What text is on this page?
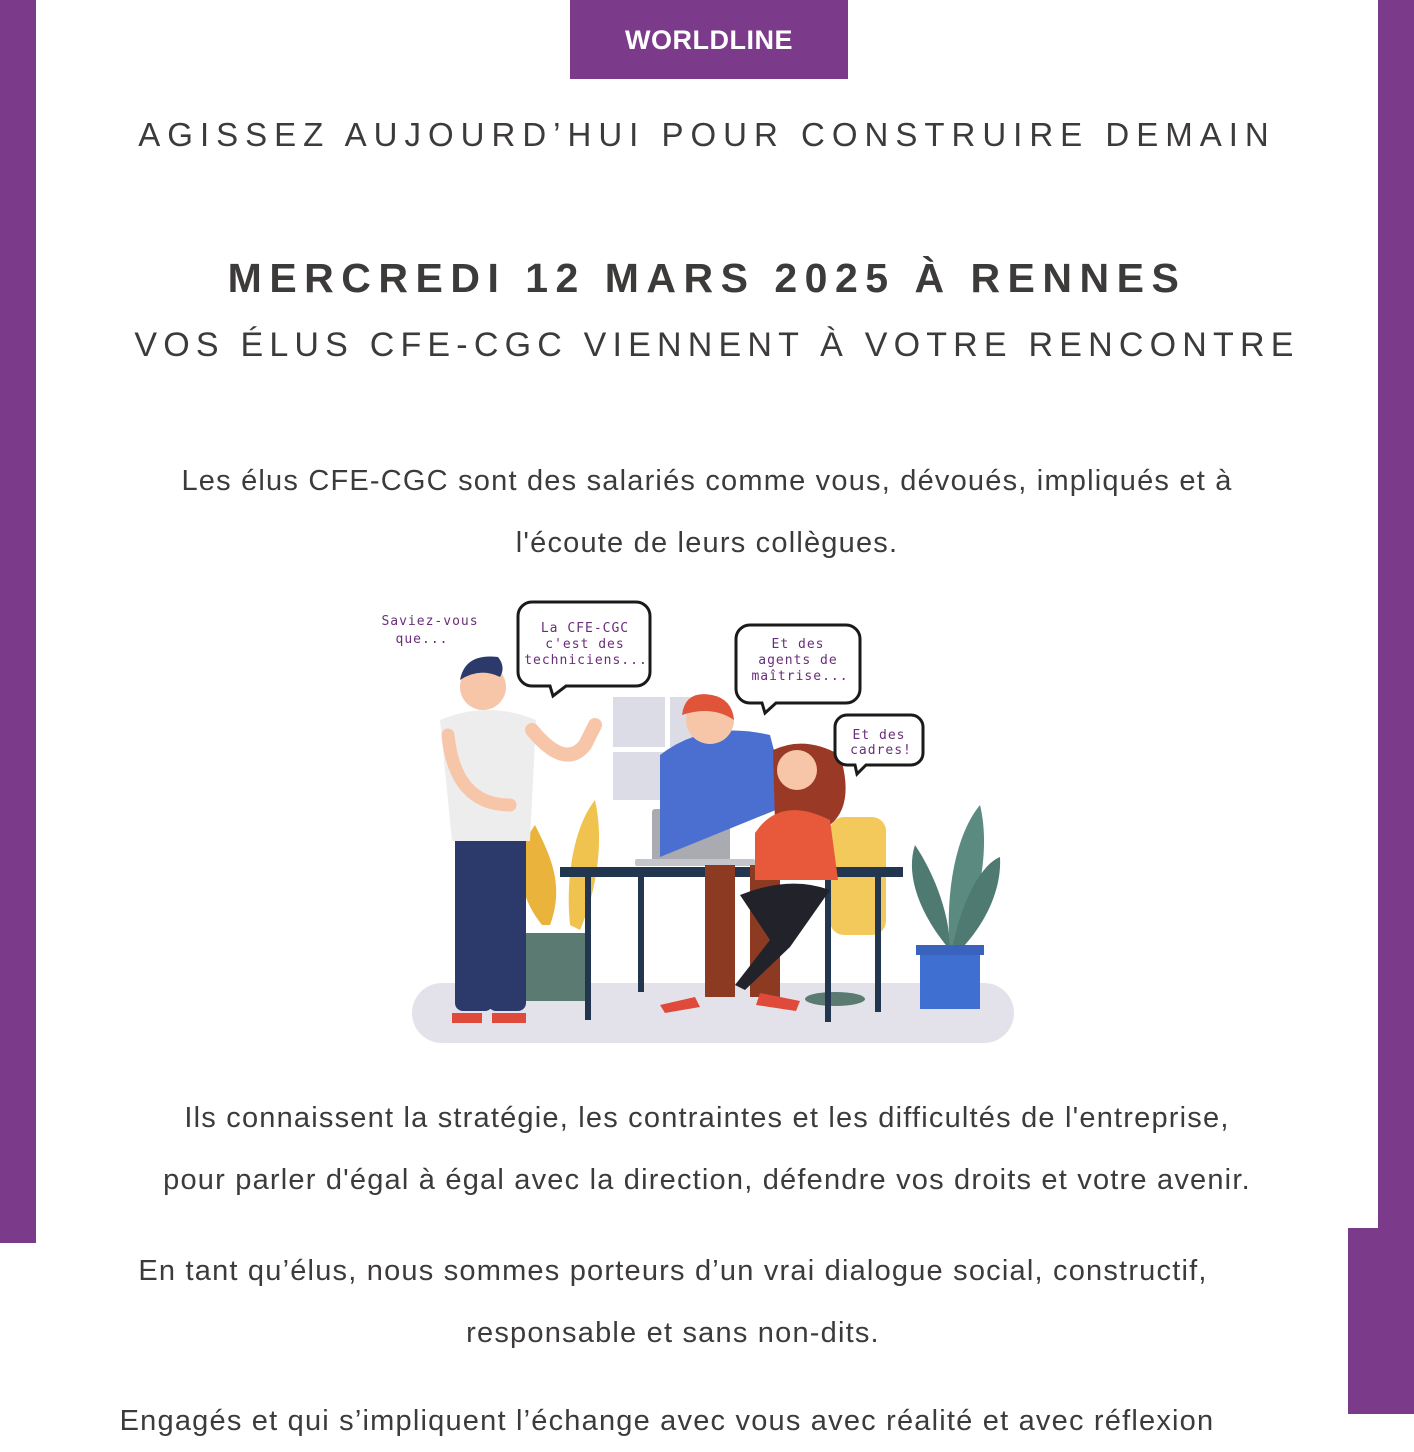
WORLDLINE
AGISSEZ AUJOURD’HUI POUR CONSTRUIRE DEMAIN
MERCREDI 12 MARS 2025 À RENNES
VOS ÉLUS CFE-CGC VIENNENT À VOTRE RENCONTRE
Les élus CFE-CGC sont des salariés comme vous, dévoués, impliqués et à
l'écoute de leurs collègues.
Saviez-vous
que...
La CFE-CGC
c'est des
techniciens...
Et des
agents de
maîtrise...
Et des
cadres!
Ils connaissent la stratégie, les contraintes et les difficultés de l'entreprise,
pour parler d'égal à égal avec la direction, défendre vos droits et votre avenir.
En tant qu’élus, nous sommes porteurs d’un vrai dialogue social, constructif,
responsable et sans non-dits.
Engagés et qui s’impliquent l’échange avec vous avec réalité et avec réflexion
